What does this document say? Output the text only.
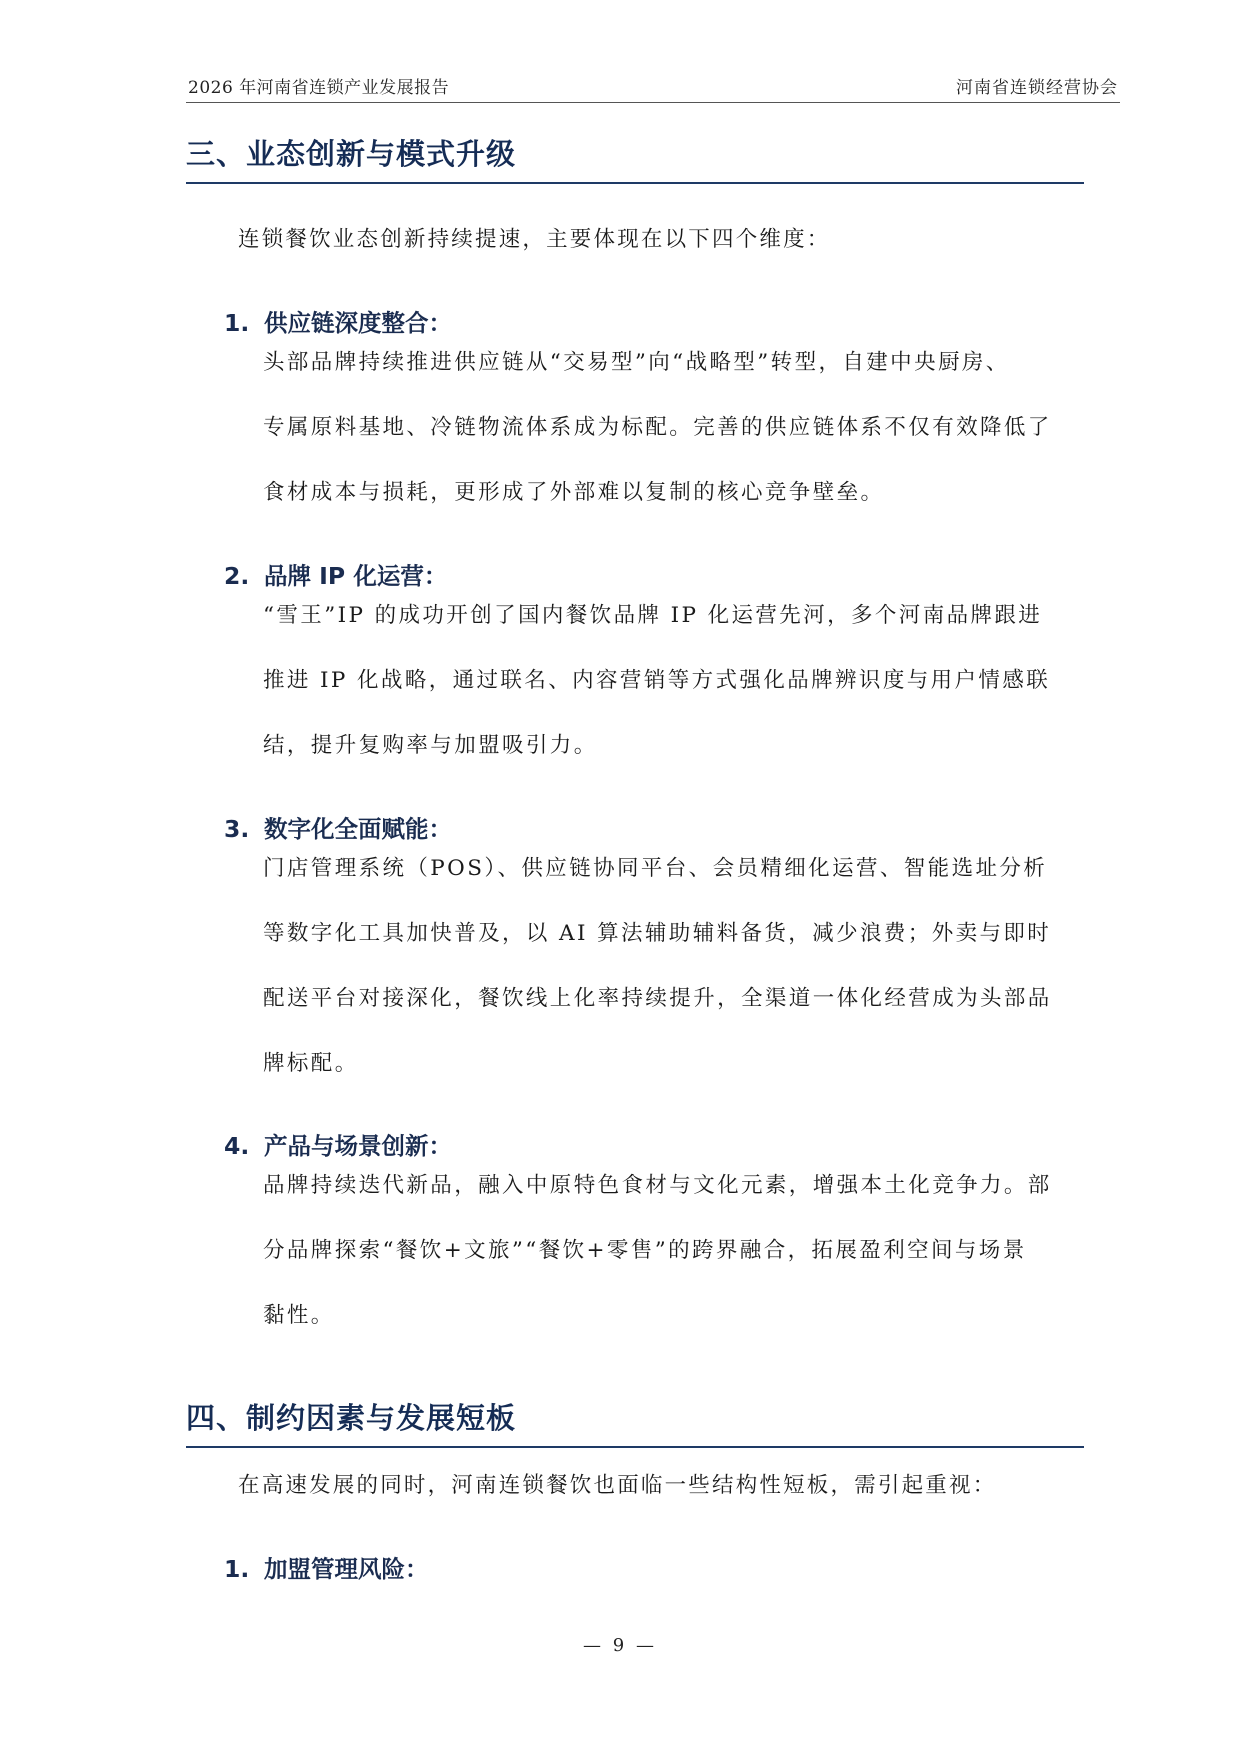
2026 年河南省连锁产业发展报告	河南省连锁经营协会
三、业态创新与模式升级
连锁餐饮业态创新持续提速，主要体现在以下四个维度：
1. 供应链深度整合：
头部品牌持续推进供应链从“交易型”向“战略型”转型，自建中央厨房、
专属原料基地、冷链物流体系成为标配。完善的供应链体系不仅有效降低了
食材成本与损耗，更形成了外部难以复制的核心竞争壁垒。
2. 品牌 IP 化运营：
“雪王”IP 的成功开创了国内餐饮品牌 IP 化运营先河，多个河南品牌跟进
推进 IP 化战略，通过联名、内容营销等方式强化品牌辨识度与用户情感联
结，提升复购率与加盟吸引力。
3. 数字化全面赋能：
门店管理系统（POS）、供应链协同平台、会员精细化运营、智能选址分析
等数字化工具加快普及，以 AI 算法辅助辅料备货，减少浪费；外卖与即时
配送平台对接深化，餐饮线上化率持续提升，全渠道一体化经营成为头部品
牌标配。
4. 产品与场景创新：
品牌持续迭代新品，融入中原特色食材与文化元素，增强本土化竞争力。部
分品牌探索“餐饮+文旅”“餐饮+零售”的跨界融合，拓展盈利空间与场景
黏性。
四、制约因素与发展短板
在高速发展的同时，河南连锁餐饮也面临一些结构性短板，需引起重视：
1. 加盟管理风险：
— 9 —
